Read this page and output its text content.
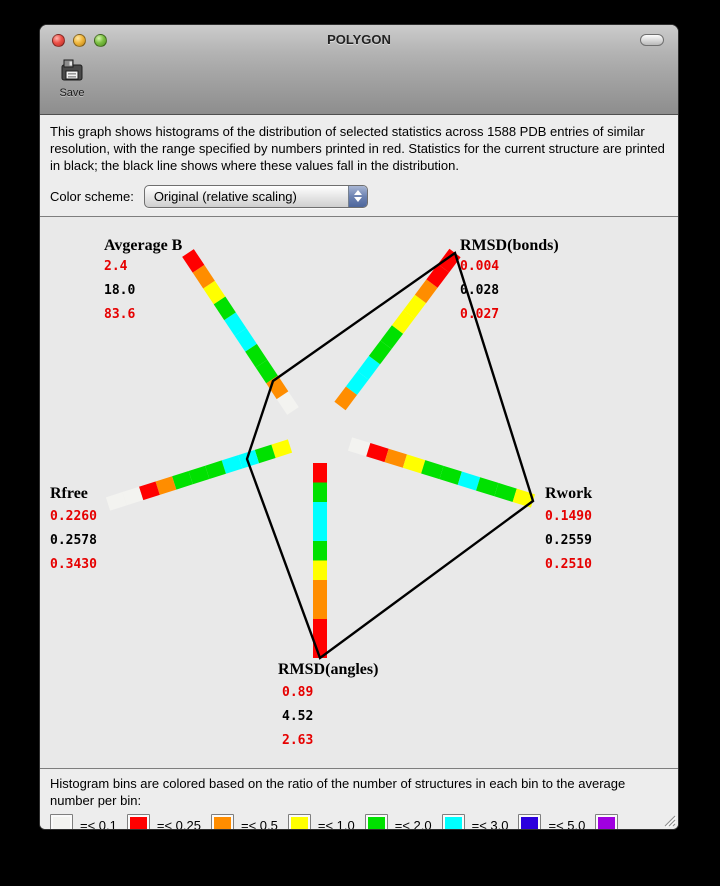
POLYGON
Save
This graph shows histograms of the distribution of selected statistics across 1588 PDB entries of similar resolution, with the range specified by numbers printed in red. Statistics for the current structure are printed in black; the black line shows where these values fall in the distribution.
Color scheme:	Original (relative scaling)
Avgerage B
2.4
18.0
83.6
RMSD(bonds)
0.004
0.028
0.027
Rwork
0.1490
0.2559
0.2510
RMSD(angles)
0.89
4.52
2.63
Rfree
0.2260
0.2578
0.3430
Histogram bins are colored based on the ratio of the number of structures in each bin to the average number per bin:
=< 0.1	=< 0.25	=< 0.5	=< 1.0	=< 2.0	=< 3.0	=< 5.0
